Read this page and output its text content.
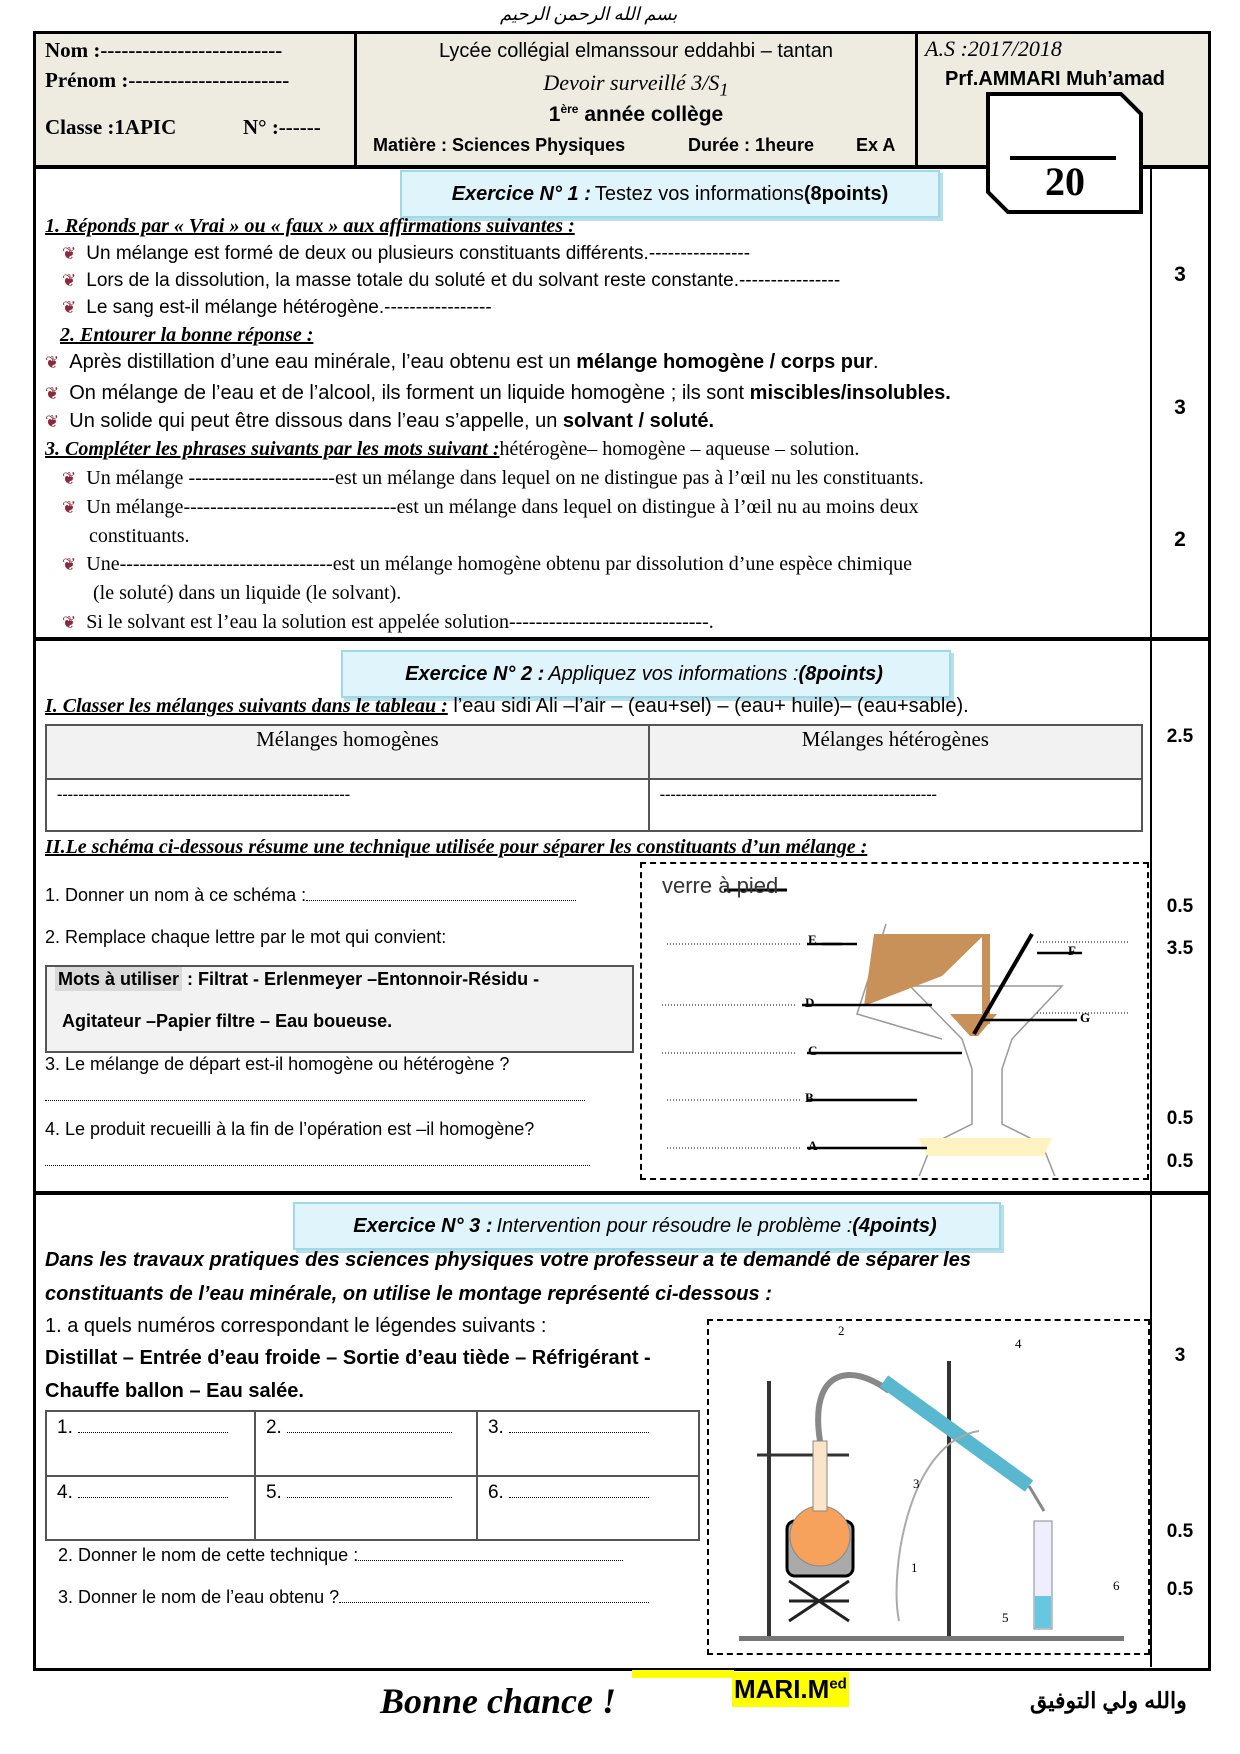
بسم الله الرحمن الرحيم
Nom :--------------------------
Prénom :-----------------------
Classe :1APIC	N° :------
Lycée collégial elmanssour eddahbi – tantan
Devoir surveillé $3/S_1$
1ère année collège
Matière : Sciences Physiques	Durée : 1heure Ex A
A.S :2017/2018
Prf.AMMARI Muh’amad
20
Exercice N° 1 : Testez vos informations (8points)
1. Réponds par « Vrai » ou « faux » aux affirmations suivantes :
❦ Un mélange est formé de deux ou plusieurs constituants différents.----------------
❦ Lors de la dissolution, la masse totale du soluté et du solvant reste constante.----------------
❦ Le sang est-il mélange hétérogène.-----------------
2. Entourer la bonne réponse :
❦ Après distillation d’une eau minérale, l’eau obtenu est un mélange homogène / corps pur.
❦ On mélange de l’eau et de l’alcool, ils forment un liquide homogène ; ils sont miscibles/insolubles.
❦ Un solide qui peut être dissous dans l’eau s’appelle, un solvant / soluté.
3. Compléter les phrases suivants par les mots suivant :hétérogène– homogène – aqueuse – solution.
❦ Un mélange ----------------------est un mélange dans lequel on ne distingue pas à l’œil nu les constituants.
❦ Un mélange--------------------------------est un mélange dans lequel on distingue à l’œil nu au moins deux
constituants.
❦ Une--------------------------------est un mélange homogène obtenu par dissolution d’une espèce chimique
(le soluté) dans un liquide (le solvant).
❦ Si le solvant est l’eau la solution est appelée solution------------------------------.
3
3
2
Exercice N° 2 : Appliquez vos informations : (8points)
I. Classer les mélanges suivants dans le tableau : l’eau sidi Ali –l’air – (eau+sel) – (eau+ huile)– (eau+sable).
Mélanges homogènes	Mélanges hétérogènes
-------------------------------------------------------	----------------------------------------------------
II.Le schéma ci-dessous résume une technique utilisée pour séparer les constituants d’un mélange :
1. Donner un nom à ce schéma :
2. Remplace chaque lettre par le mot qui convient:
Mots à utiliser : Filtrat - Erlenmeyer –Entonnoir-Résidu -
Agitateur –Papier filtre – Eau boueuse.
3. Le mélange de départ est-il homogène ou hétérogène ?
4. Le produit recueilli à la fin de l’opération est –il homogène?
2.5
0.5
3.5
0.5
0.5
verre à pied
E
D
C
B
A
F
G
Exercice N° 3 : Intervention pour résoudre le problème : (4points)
Dans les travaux pratiques des sciences physiques votre professeur a te demandé de séparer les
constituants de l’eau minérale, on utilise le montage représenté ci-dessous :
1. a quels numéros correspondant le légendes suivants :
Distillat – Entrée d’eau froide – Sortie d’eau tiède – Réfrigérant -
Chauffe ballon – Eau salée.
1.	2.	3.
4.	5.	6.
2. Donner le nom de cette technique :
3. Donner le nom de l’eau obtenu ?
3
0.5
0.5
2
4
3
1
5
6
Bonne chance !	$MARI.M^{ed}$
والله ولي التوفيق
